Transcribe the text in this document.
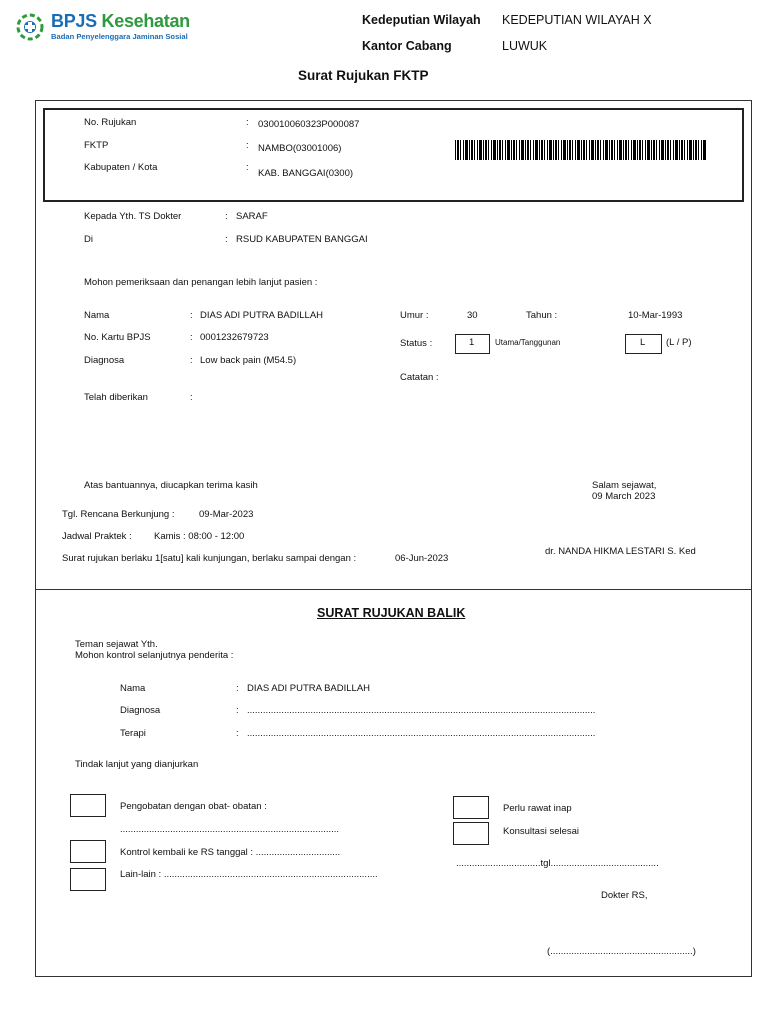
BPJS Kesehatan
Badan Penyelenggara Jaminan Sosial
Kedeputian Wilayah KEDEPUTIAN WILAYAH X
Kantor Cabang	LUWUK
Surat Rujukan FKTP
No. Rujukan	: 030010060323P000087
FKTP	: NAMBO(03001006)
Kabupaten / Kota	:
KAB. BANGGAI(0300)
Kepada Yth. TS Dokter	: SARAF
Di	: RSUD KABUPATEN BANGGAI
Mohon pemeriksaan dan penangan lebih lanjut pasien :
Nama	: DIAS ADI PUTRA BADILLAH
No. Kartu BPJS	: 0001232679723
Diagnosa	: Low back pain (M54.5)
Telah diberikan	:
Umur :	30	Tahun :	10-Mar-1993
Status :	1	Utama/Tanggunan	L (L / P)
Catatan :
Atas bantuannya, diucapkan terima kasih	Salam sejawat,
09 March 2023
Tgl. Rencana Berkunjung :	09-Mar-2023
Jadwal Praktek : Kamis : 08:00 - 12:00
Surat rujukan berlaku 1[satu] kali kunjungan, berlaku sampai dengan :	06-Jun-2023
dr. NANDA HIKMA LESTARI S. Ked
SURAT RUJUKAN BALIK
Teman sejawat Yth.
Mohon kontrol selanjutnya penderita :
Nama	: DIAS ADI PUTRA BADILLAH
Diagnosa	: ....................................................................................................................................
Terapi	: ....................................................................................................................................
Tindak lanjut yang dianjurkan
Pengobatan dengan obat- obatan :
...................................................................................
Kontrol kembali ke RS tanggal : ................................
Lain-lain : .................................................................................
Perlu rawat inap
Konsultasi selesai
................................tgl.........................................
Dokter RS,
(......................................................)
